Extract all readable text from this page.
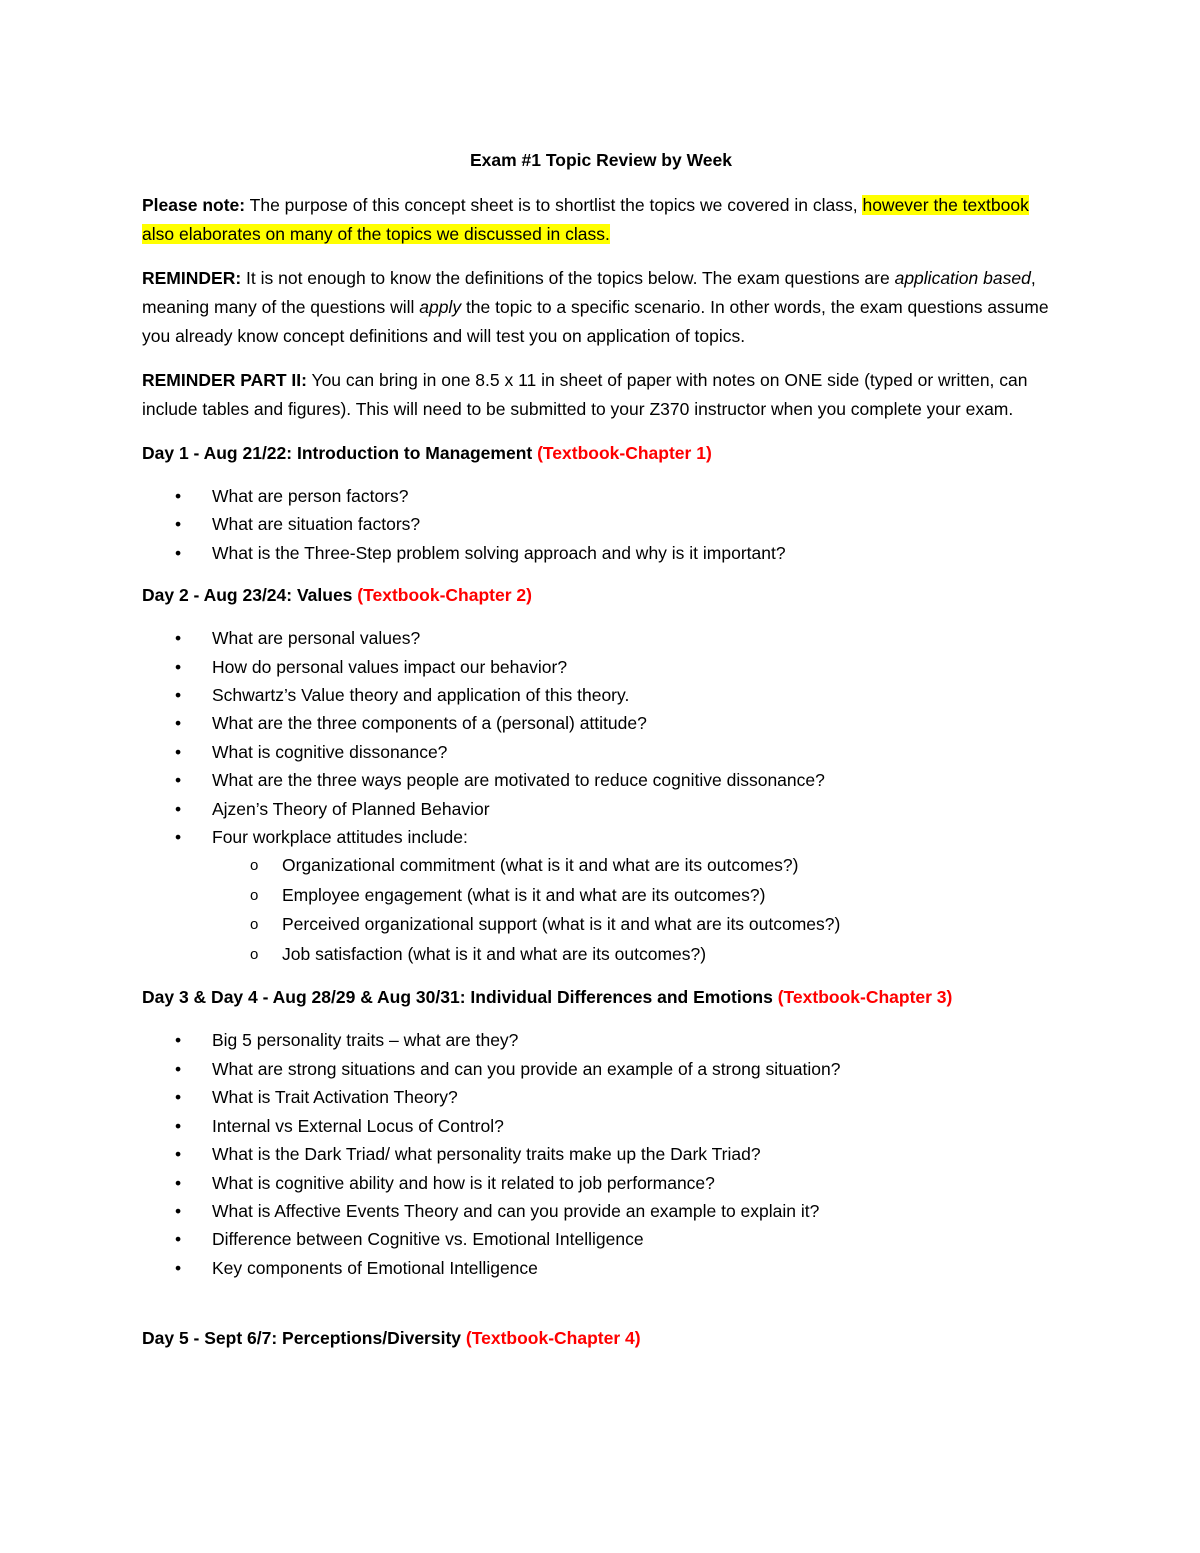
Exam #1 Topic Review by Week

Please note: The purpose of this concept sheet is to shortlist the topics we covered in class, however the textbook also elaborates on many of the topics we discussed in class.

REMINDER: It is not enough to know the definitions of the topics below. The exam questions are application based, meaning many of the questions will apply the topic to a specific scenario. In other words, the exam questions assume you already know concept definitions and will test you on application of topics.

REMINDER PART II: You can bring in one 8.5 x 11 in sheet of paper with notes on ONE side (typed or written, can include tables and figures). This will need to be submitted to your Z370 instructor when you complete your exam.

Day 1 - Aug 21/22: Introduction to Management (Textbook-Chapter 1)
• What are person factors?
• What are situation factors?
• What is the Three-Step problem solving approach and why is it important?
Day 2 - Aug 23/24: Values (Textbook-Chapter 2)
• What are personal values?
• How do personal values impact our behavior?
• Schwartz’s Value theory and application of this theory.
• What are the three components of a (personal) attitude?
• What is cognitive dissonance?
• What are the three ways people are motivated to reduce cognitive dissonance?
• Ajzen’s Theory of Planned Behavior
• Four workplace attitudes include:
o Organizational commitment (what is it and what are its outcomes?)
o Employee engagement (what is it and what are its outcomes?)
o Perceived organizational support (what is it and what are its outcomes?)
o Job satisfaction (what is it and what are its outcomes?)
Day 3 & Day 4 - Aug 28/29 & Aug 30/31: Individual Differences and Emotions (Textbook-Chapter 3)
• Big 5 personality traits – what are they?
• What are strong situations and can you provide an example of a strong situation?
• What is Trait Activation Theory?
• Internal vs External Locus of Control?
• What is the Dark Triad/ what personality traits make up the Dark Triad?
• What is cognitive ability and how is it related to job performance?
• What is Affective Events Theory and can you provide an example to explain it?
• Difference between Cognitive vs. Emotional Intelligence
• Key components of Emotional Intelligence
Day 5 - Sept 6/7: Perceptions/Diversity (Textbook-Chapter 4)
